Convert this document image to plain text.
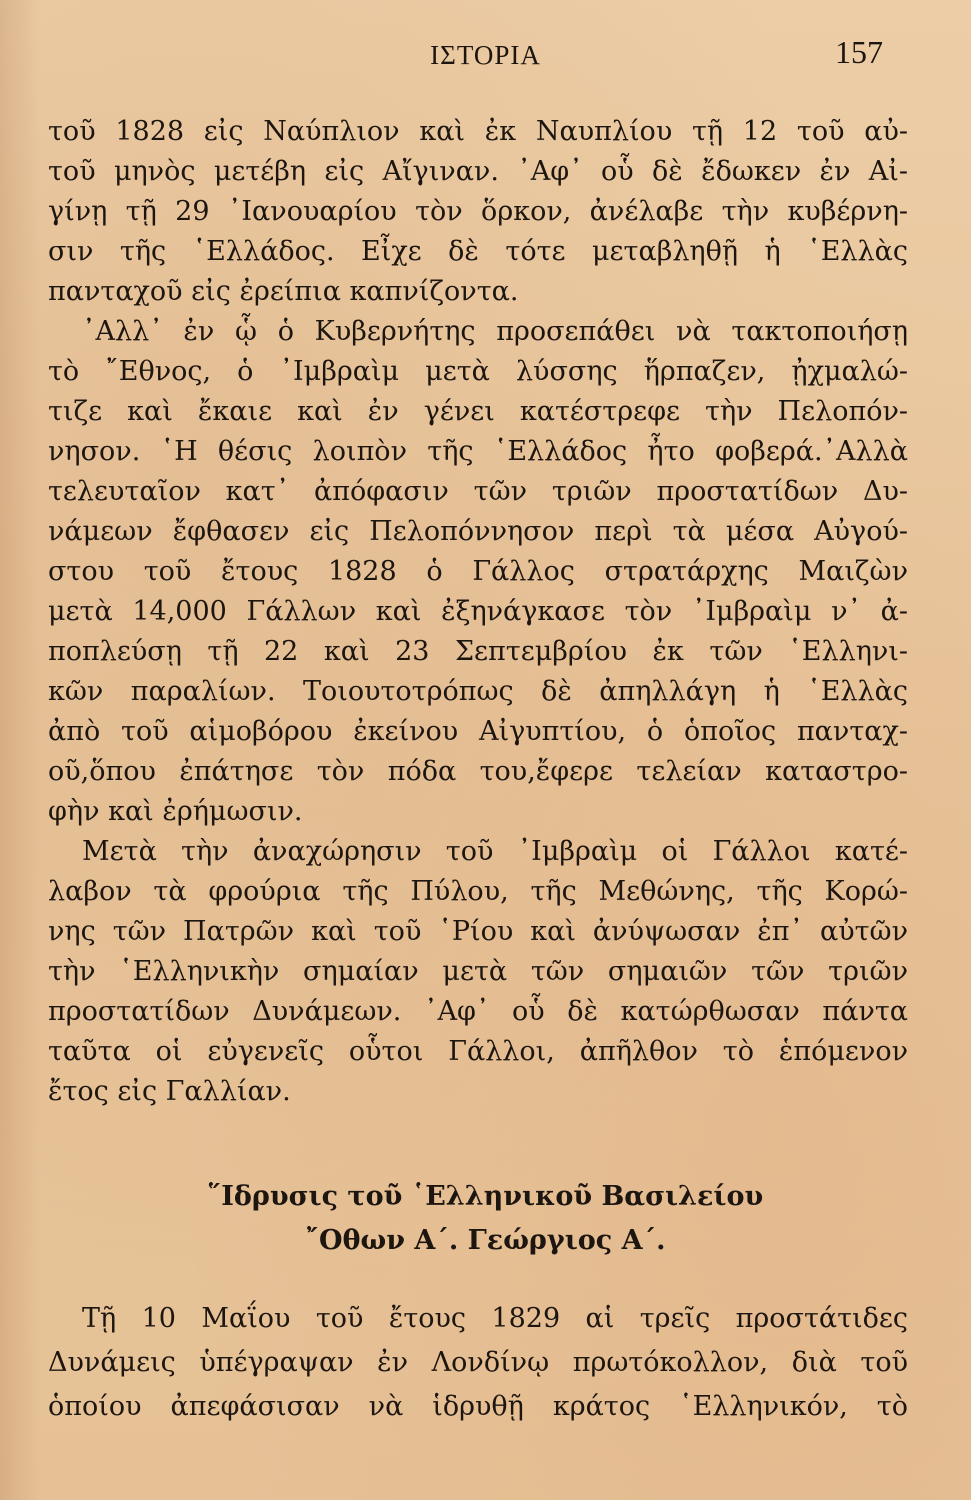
ΙΣΤΟΡΙΑ	157

τοῦ 1828 εἰς Ναύπλιον καὶ ἐκ Ναυπλίου τῇ 12 τοῦ αὐ-

τοῦ μηνὸς μετέβη εἰς Αἴγιναν. ᾽Αφ᾽ οὗ δὲ ἔδωκεν ἐν Αἰ-

γίνῃ τῇ 29 ᾽Ιανουαρίου τὸν ὅρκον, ἀνέλαβε τὴν κυβέρνη-

σιν τῆς ῾Ελλάδος. Εἶχε δὲ τότε μεταβληθῇ ἡ ῾Ελλὰς

πανταχοῦ εἰς ἐρείπια καπνίζοντα.

᾽Αλλ᾽ ἐν ᾧ ὁ Κυβερνήτης προσεπάθει νὰ τακτοποιήσῃ

τὸ ῎Εθνος, ὁ ᾽Ιμβραὶμ μετὰ λύσσης ἥρπαζεν, ᾐχμαλώ-

τιζε καὶ ἔκαιε καὶ ἐν γένει κατέστρεφε τὴν Πελοπόν-

νησον. ῾Η θέσις λοιπὸν τῆς ῾Ελλάδος ἦτο φοβερά.᾽Αλλὰ

τελευταῖον κατ᾽ ἀπόφασιν τῶν τριῶν προστατίδων Δυ-

νάμεων ἔφθασεν εἰς Πελοπόννησον περὶ τὰ μέσα Αὐγού-

στου τοῦ ἔτους 1828 ὁ Γάλλος στρατάρχης Μαιζὼν

μετὰ 14,000 Γάλλων καὶ ἐξηνάγκασε τὸν ᾽Ιμβραὶμ ν᾽ ἀ-

ποπλεύσῃ τῇ 22 καὶ 23 Σεπτεμβρίου ἐκ τῶν ῾Ελληνι-

κῶν παραλίων. Τοιουτοτρόπως δὲ ἀπηλλάγη ἡ ῾Ελλὰς

ἀπὸ τοῦ αἱμοβόρου ἐκείνου Αἰγυπτίου, ὁ ὁποῖος πανταχ-

οῦ,ὅπου ἐπάτησε τὸν πόδα του,ἔφερε τελείαν καταστρο-

φὴν καὶ ἐρήμωσιν.

Μετὰ τὴν ἀναχώρησιν τοῦ ᾽Ιμβραὶμ οἱ Γάλλοι κατέ-

λαβον τὰ φρούρια τῆς Πύλου, τῆς Μεθώνης, τῆς Κορώ-

νης τῶν Πατρῶν καὶ τοῦ ῾Ρίου καὶ ἀνύψωσαν ἐπ᾽ αὐτῶν

τὴν ῾Ελληνικὴν σημαίαν μετὰ τῶν σημαιῶν τῶν τριῶν

προστατίδων Δυνάμεων. ᾽Αφ᾽ οὗ δὲ κατώρθωσαν πάντα

ταῦτα οἱ εὐγενεῖς οὗτοι Γάλλοι, ἀπῆλθον τὸ ἑπόμενον

ἔτος εἰς Γαλλίαν.

῞Ιδρυσις τοῦ ῾Ελληνικοῦ Βασιλείου
῎Οθων Α΄. Γεώργιος Α΄.

Τῇ 10 Μαΐου τοῦ ἔτους 1829 αἱ τρεῖς προστάτιδες

Δυνάμεις ὑπέγραψαν ἐν Λονδίνῳ πρωτόκολλον, διὰ τοῦ

ὁποίου ἀπεφάσισαν νὰ ἱδρυθῇ κράτος ῾Ελληνικόν, τὸ
